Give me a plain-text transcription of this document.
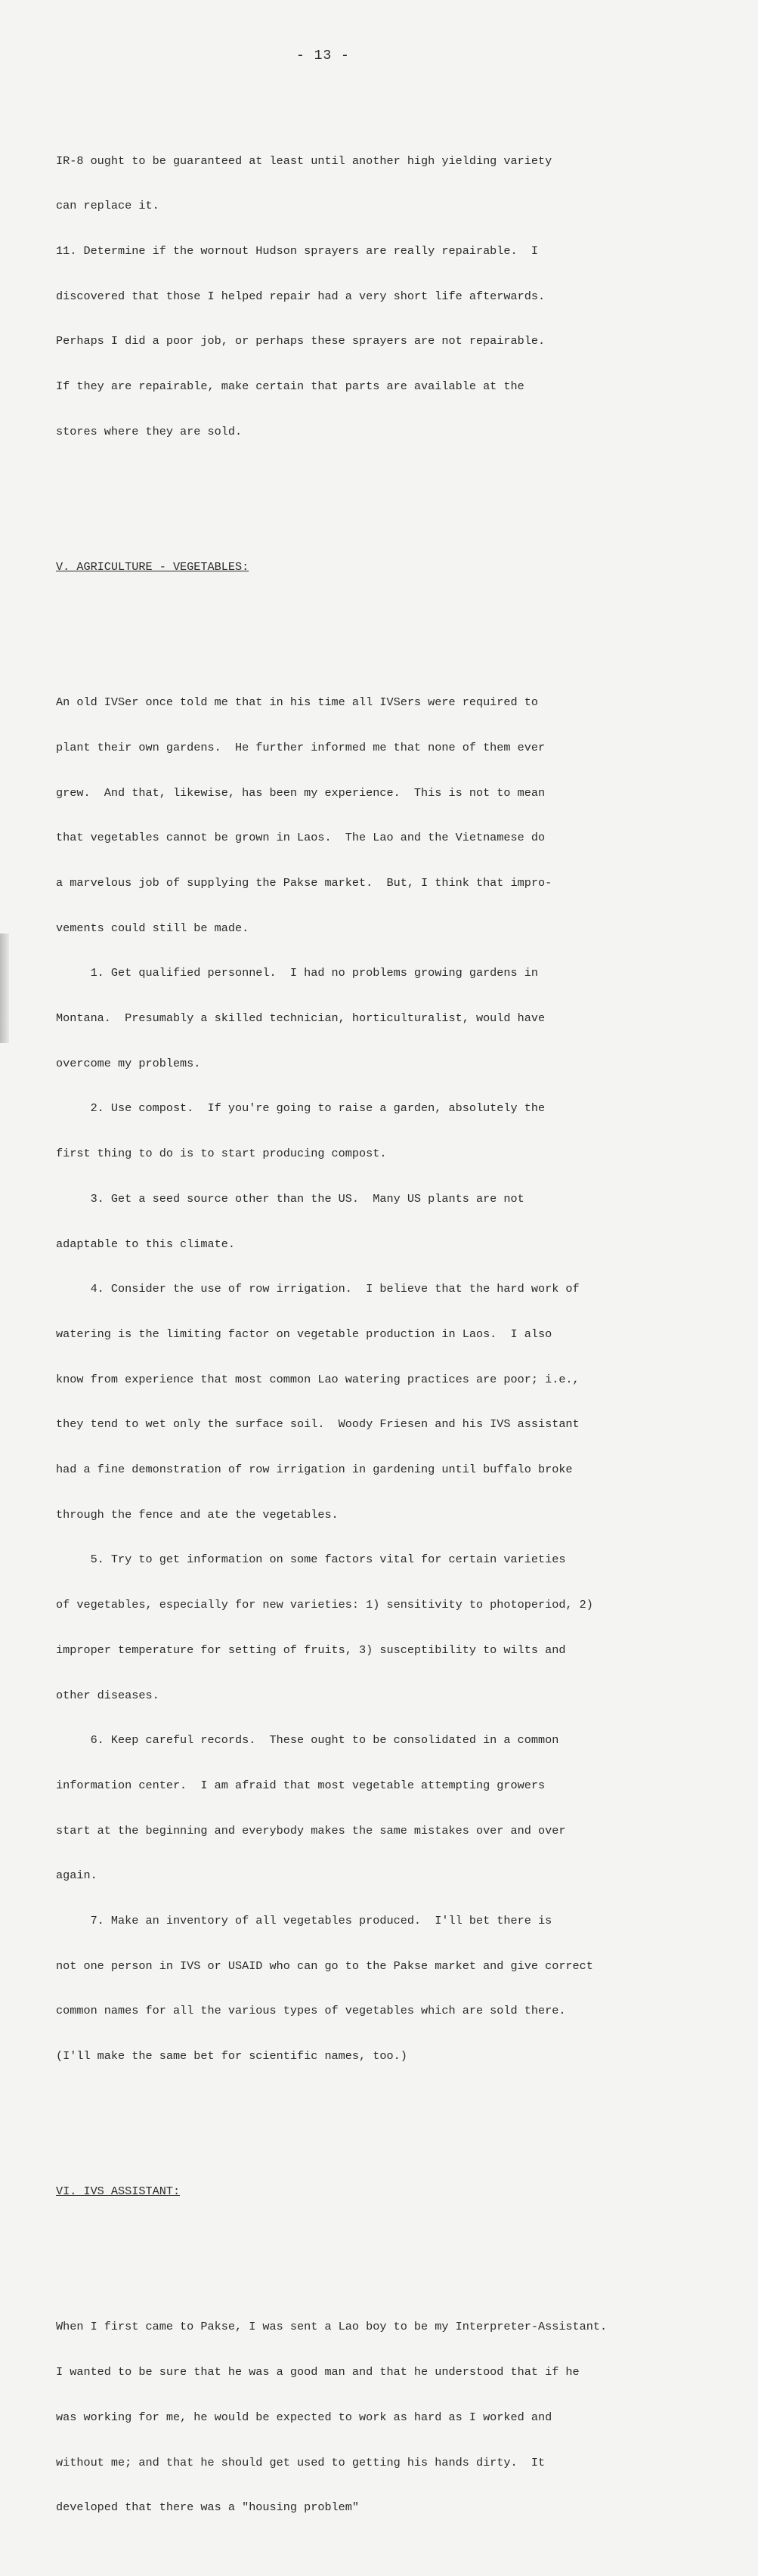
- 13 -

IR-8 ought to be guaranteed at least until another high yielding variety

can replace it.

11. Determine if the wornout Hudson sprayers are really repairable.  I

discovered that those I helped repair had a very short life afterwards.

Perhaps I did a poor job, or perhaps these sprayers are not repairable.

If they are repairable, make certain that parts are available at the

stores where they are sold.

V. AGRICULTURE - VEGETABLES:

An old IVSer once told me that in his time all IVSers were required to

plant their own gardens.  He further informed me that none of them ever

grew.  And that, likewise, has been my experience.  This is not to mean

that vegetables cannot be grown in Laos.  The Lao and the Vietnamese do

a marvelous job of supplying the Pakse market.  But, I think that impro-

vements could still be made.

1. Get qualified personnel.  I had no problems growing gardens in

Montana.  Presumably a skilled technician, horticulturalist, would have

overcome my problems.

2. Use compost.  If you're going to raise a garden, absolutely the

first thing to do is to start producing compost.

3. Get a seed source other than the US.  Many US plants are not

adaptable to this climate.

4. Consider the use of row irrigation.  I believe that the hard work of

watering is the limiting factor on vegetable production in Laos.  I also

know from experience that most common Lao watering practices are poor; i.e.,

they tend to wet only the surface soil.  Woody Friesen and his IVS assistant

had a fine demonstration of row irrigation in gardening until buffalo broke

through the fence and ate the vegetables.

5. Try to get information on some factors vital for certain varieties

of vegetables, especially for new varieties: 1) sensitivity to photoperiod, 2)

improper temperature for setting of fruits, 3) susceptibility to wilts and

other diseases.

6. Keep careful records.  These ought to be consolidated in a common

information center.  I am afraid that most vegetable attempting growers

start at the beginning and everybody makes the same mistakes over and over

again.

7. Make an inventory of all vegetables produced.  I'll bet there is

not one person in IVS or USAID who can go to the Pakse market and give correct

common names for all the various types of vegetables which are sold there.

(I'll make the same bet for scientific names, too.)

VI. IVS ASSISTANT:

When I first came to Pakse, I was sent a Lao boy to be my Interpreter-Assistant.

I wanted to be sure that he was a good man and that he understood that if he

was working for me, he would be expected to work as hard as I worked and

without me; and that he should get used to getting his hands dirty.  It

developed that there was a "housing problem"
